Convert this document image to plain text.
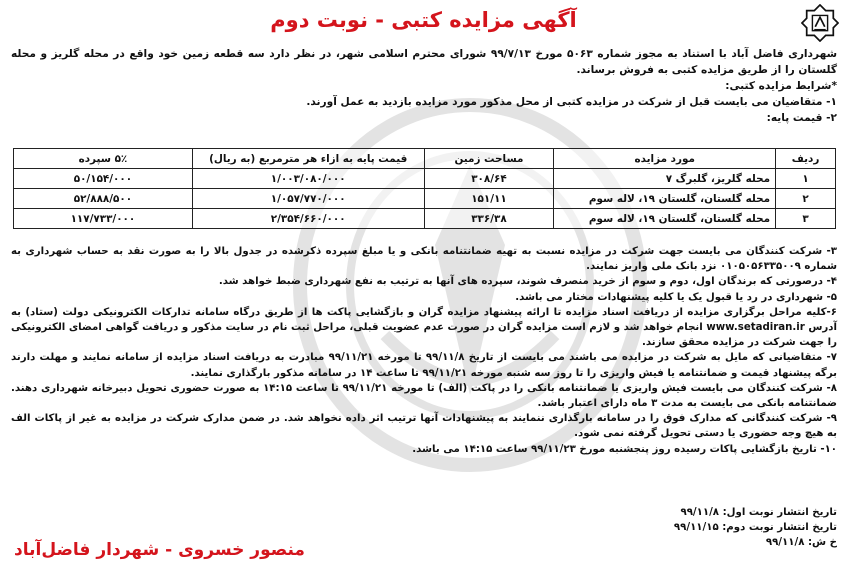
آگهی مزایده کتبی - نوبت دوم

شهرداری فاضل آباد با استناد به مجوز شماره ۵۰۶۳ مورخ ۹۹/۷/۱۳ شورای محترم اسلامی شهر، در نظر دارد سه قطعه زمین خود واقع در محله گلریز و محله گلستان را از طریق مزایده کتبی به فروش برساند.

*شرایط مزایده کتبی:

۱- متقاضیان می بایست قبل از شرکت در مزایده کتبی از محل مذکور مورد مزایده بازدید به عمل آورند.

۲- قیمت پایه:

ردیف	مورد مزایده	مساحت زمین	قیمت پایه به ازاء هر مترمربع (به ریال)	۵٪ سپرده
۱	محله گلریز، گلبرگ ۷	۳۰۸/۶۴	۱/۰۰۳/۰۸۰/۰۰۰	۵۰/۱۵۴/۰۰۰
۲	محله گلستان، گلستان ۱۹، لاله سوم	۱۵۱/۱۱	۱/۰۵۷/۷۷۰/۰۰۰	۵۲/۸۸۸/۵۰۰
۳	محله گلستان، گلستان ۱۹، لاله سوم	۳۳۶/۳۸	۲/۳۵۴/۶۶۰/۰۰۰	۱۱۷/۷۳۳/۰۰۰

۳- شرکت کنندگان می بایست جهت شرکت در مزایده نسبت به تهیه ضمانتنامه بانکی و یا مبلغ سپرده ذکرشده در جدول بالا را به صورت نقد به حساب شهرداری به شماره ۰۱۰۵۰۵۶۳۳۵۰۰۹ نزد بانک ملی واریز نمایند.

۴- درصورتی که برندگان اول، دوم و سوم از خرید منصرف شوند، سپرده های آنها به ترتیب به نفع شهرداری ضبط خواهد شد.

۵- شهرداری در رد یا قبول یک یا کلیه پیشنهادات مختار می باشد.

۶-کلیه مراحل برگزاری مزایده از دریافت اسناد مزایده تا ارائه پیشنهاد مزایده گران و بازگشایی پاکت ها از طریق درگاه سامانه تدارکات الکترونیکی دولت (ستاد) به آدرس www.setadiran.ir انجام خواهد شد و لازم است مزایده گران در صورت عدم عضویت قبلی، مراحل ثبت نام در سایت مذکور و دریافت گواهی امضای الکترونیکی را جهت شرکت در مزایده محقق سازند.

۷- متقاضیانی که مایل به شرکت در مزایده می باشند می بایست از تاریخ ۹۹/۱۱/۸ تا مورخه ۹۹/۱۱/۲۱ مبادرت به دریافت اسناد مزایده از سامانه نمایند و مهلت دارند برگه پیشنهاد قیمت و ضمانتنامه یا فیش واریزی را تا روز سه شنبه مورخه ۹۹/۱۱/۲۱ تا ساعت ۱۴ در سامانه مذکور بارگذاری نمایند.

۸- شرکت کنندگان می بایست فیش واریزی یا ضمانتنامه بانکی را در پاکت (الف) تا مورخه ۹۹/۱۱/۲۱ تا ساعت ۱۴:۱۵ به صورت حضوری تحویل دبیرخانه شهرداری دهند. ضمانتنامه بانکی می بایست به مدت ۳ ماه دارای اعتبار باشد.

۹- شرکت کنندگانی که مدارک فوق را در سامانه بارگذاری ننمایند به پیشنهادات آنها ترتیب اثر داده نخواهد شد. در ضمن مدارک شرکت در مزایده به غیر از پاکات الف به هیچ وجه حضوری یا دستی تحویل گرفته نمی شود.

۱۰- تاریخ بازگشایی پاکات رسیده روز پنجشنبه مورخ ۹۹/۱۱/۲۳ ساعت ۱۴:۱۵ می باشد.

تاریخ انتشار نوبت اول: ۹۹/۱۱/۸

تاریخ انتشار نوبت دوم: ۹۹/۱۱/۱۵

خ ش: ۹۹/۱۱/۸

منصور خسروی - شهردار فاضل‌آباد
